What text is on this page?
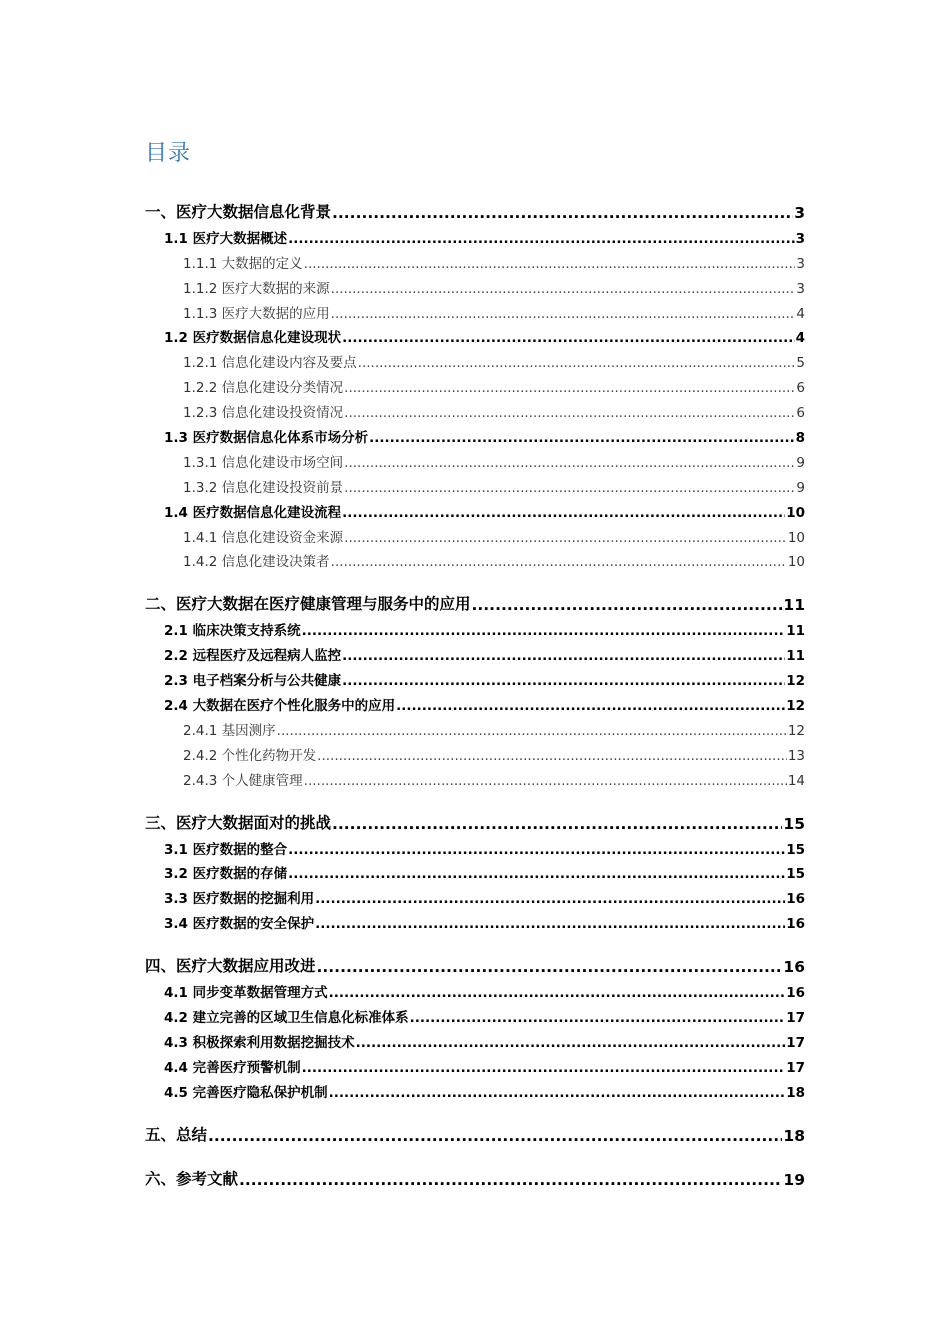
目录
一、医疗大数据信息化背景 .....	3
1.1 医疗大数据概述 .....	3
1.1.1 大数据的定义 .....	3
1.1.2 医疗大数据的来源 .....	3
1.1.3 医疗大数据的应用 .....	4
1.2 医疗数据信息化建设现状 .....	4
1.2.1 信息化建设内容及要点 .....	5
1.2.2 信息化建设分类情况 .....	6
1.2.3 信息化建设投资情况 .....	6
1.3 医疗数据信息化体系市场分析 .....	8
1.3.1 信息化建设市场空间 .....	9
1.3.2 信息化建设投资前景 .....	9
1.4 医疗数据信息化建设流程 .....	10
1.4.1 信息化建设资金来源 .....	10
1.4.2 信息化建设决策者 .....	10
二、医疗大数据在医疗健康管理与服务中的应用 .....	11
2.1 临床决策支持系统 .....	11
2.2 远程医疗及远程病人监控 .....	11
2.3 电子档案分析与公共健康 .....	12
2.4 大数据在医疗个性化服务中的应用 .....	12
2.4.1 基因测序 .....	12
2.4.2 个性化药物开发 .....	13
2.4.3 个人健康管理 .....	14
三、医疗大数据面对的挑战 .....	15
3.1 医疗数据的整合 .....	15
3.2 医疗数据的存储 .....	15
3.3 医疗数据的挖掘利用 .....	16
3.4 医疗数据的安全保护 .....	16
四、医疗大数据应用改进 .....	16
4.1 同步变革数据管理方式 .....	16
4.2 建立完善的区域卫生信息化标准体系 .....	17
4.3 积极探索利用数据挖掘技术 .....	17
4.4 完善医疗预警机制 .....	17
4.5 完善医疗隐私保护机制 .....	18
五、总结 .....	18
六、参考文献 .....	19
